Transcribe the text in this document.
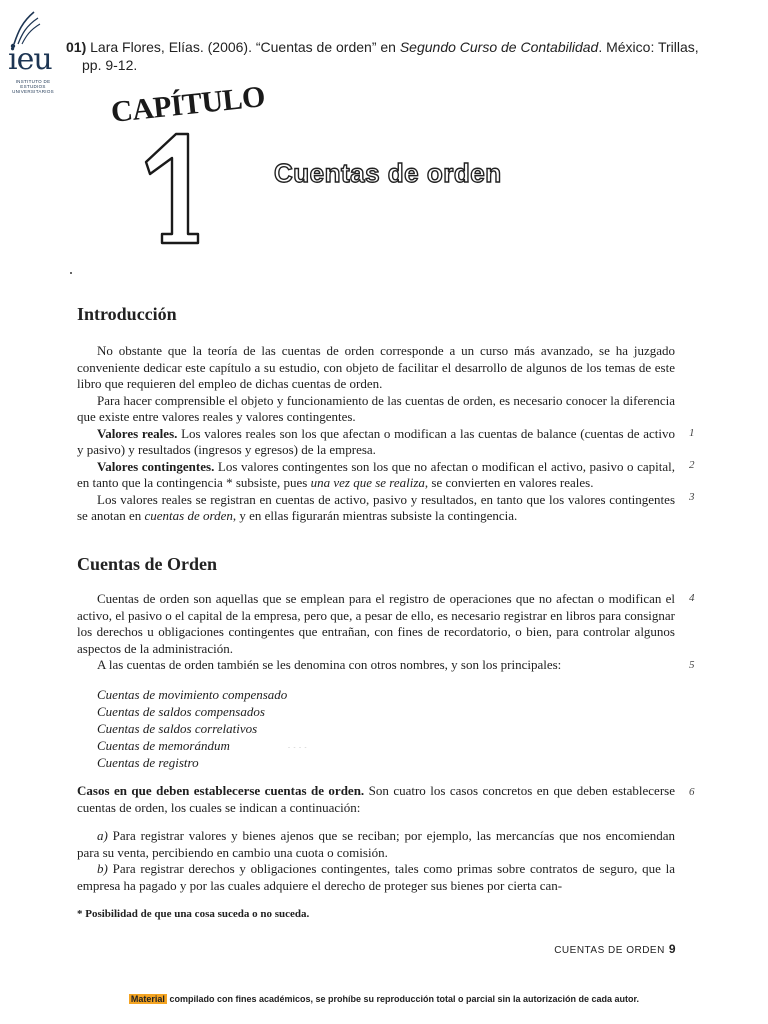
ieu
INSTITUTO DE ESTUDIOS UNIVERSITARIOS
01) Lara Flores, Elías. (2006). “Cuentas de orden” en Segundo Curso de Contabilidad. México: Trillas,
pp. 9-12.
CAPÍTULO
1
Cuentas de orden
Introducción

No obstante que la teoría de las cuentas de orden corresponde a un curso más avanzado, se ha juzgado conveniente dedicar este capítulo a su estudio, con objeto de facilitar el desarrollo de algunos de los temas de este libro que requieren del empleo de dichas cuentas de orden.

Para hacer comprensible el objeto y funcionamiento de las cuentas de orden, es necesario conocer la diferencia que existe entre valores reales y valores contingentes.

Valores reales. Los valores reales son los que afectan o modifican a las cuentas de balance (cuentas de activo y pasivo) y resultados (ingresos y egresos) de la empresa.

Valores contingentes. Los valores contingentes son los que no afectan o modifican el activo, pasivo o capital, en tanto que la contingencia * subsiste, pues una vez que se realiza, se convierten en valores reales.

Los valores reales se registran en cuentas de activo, pasivo y resultados, en tanto que los valores contingentes se anotan en cuentas de orden, y en ellas figurarán mientras subsiste la contingencia.

Cuentas de Orden

Cuentas de orden son aquellas que se emplean para el registro de operaciones que no afectan o modifican el activo, el pasivo o el capital de la empresa, pero que, a pesar de ello, es necesario registrar en libros para consignar los derechos u obligaciones contingentes que entrañan, con fines de recordatorio, o bien, para controlar algunos aspectos de la administración.

A las cuentas de orden también se les denomina con otros nombres, y son los principales:

Cuentas de movimiento compensado
Cuentas de saldos compensados
Cuentas de saldos correlativos
Cuentas de memorándum
Cuentas de registro
- - - -

Casos en que deben establecerse cuentas de orden. Son cuatro los casos concretos en que deben establecerse cuentas de orden, los cuales se indican a continuación:

a) Para registrar valores y bienes ajenos que se reciban; por ejemplo, las mercancías que nos encomiendan para su venta, percibiendo en cambio una cuota o comisión.

b) Para registrar derechos y obligaciones contingentes, tales como primas sobre contratos de seguro, que la empresa ha pagado y por las cuales adquiere el derecho de proteger sus bienes por cierta can-

1
2
3
4
5
6
* Posibilidad de que una cosa suceda o no suceda.
CUENTAS DE ORDEN 9
Material compilado con fines académicos, se prohíbe su reproducción total o parcial sin la autorización de cada autor.
